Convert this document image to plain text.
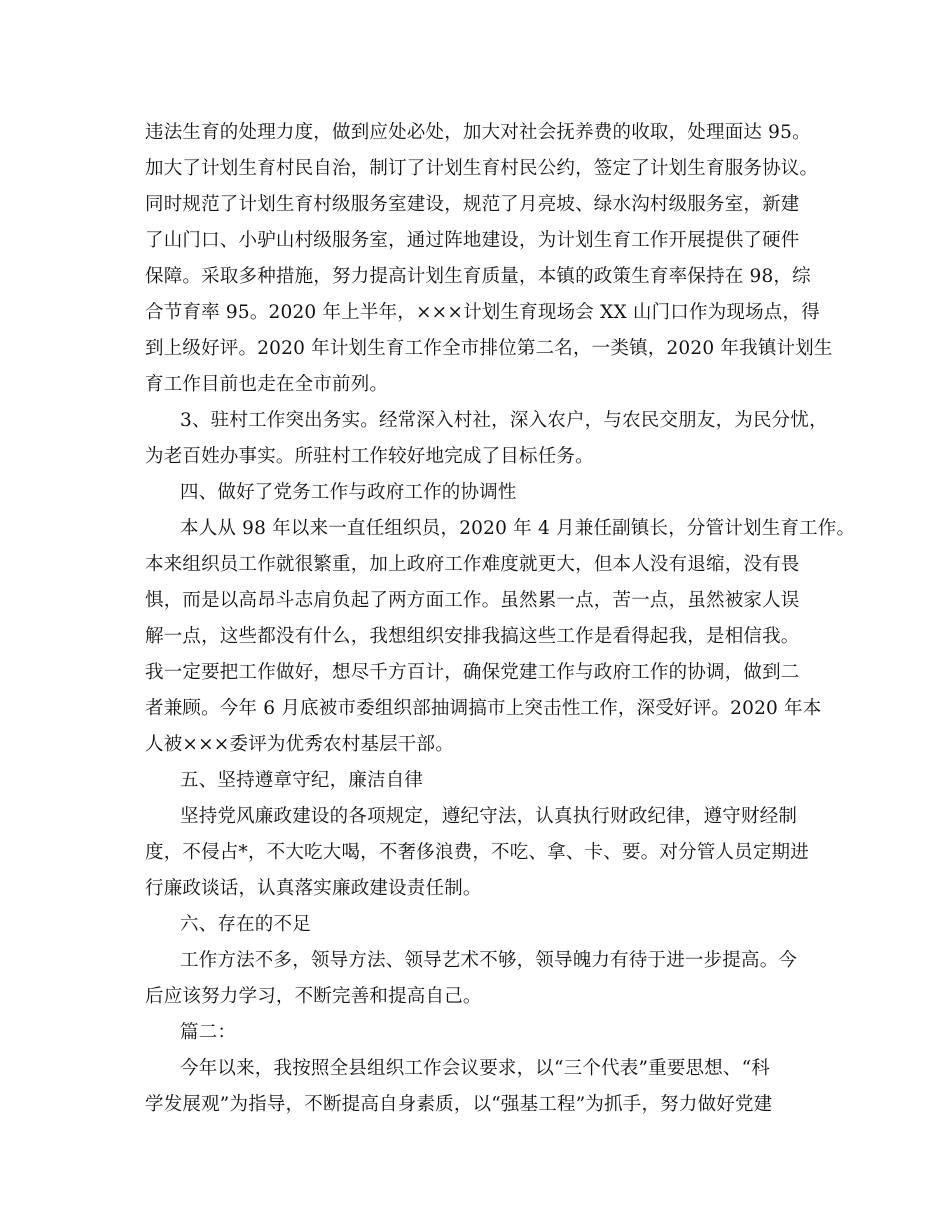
违法生育的处理力度，做到应处必处，加大对社会抚养费的收取，处理面达 95。
加大了计划生育村民自治，制订了计划生育村民公约，签定了计划生育服务协议。
同时规范了计划生育村级服务室建设，规范了月亮坡、绿水沟村级服务室，新建
了山门口、小驴山村级服务室，通过阵地建设，为计划生育工作开展提供了硬件
保障。采取多种措施，努力提高计划生育质量，本镇的政策生育率保持在 98，综
合节育率 95。2020 年上半年，×××计划生育现场会 XX 山门口作为现场点，得
到上级好评。2020 年计划生育工作全市排位第二名，一类镇，2020 年我镇计划生
育工作目前也走在全市前列。
3、驻村工作突出务实。经常深入村社，深入农户，与农民交朋友，为民分忧，
为老百姓办事实。所驻村工作较好地完成了目标任务。
四、做好了党务工作与政府工作的协调性
本人从 98 年以来一直任组织员，2020 年 4 月兼任副镇长，分管计划生育工作。
本来组织员工作就很繁重，加上政府工作难度就更大，但本人没有退缩，没有畏
惧，而是以高昂斗志肩负起了两方面工作。虽然累一点，苦一点，虽然被家人误
解一点，这些都没有什么，我想组织安排我搞这些工作是看得起我，是相信我。
我一定要把工作做好，想尽千方百计，确保党建工作与政府工作的协调，做到二
者兼顾。今年 6 月底被市委组织部抽调搞市上突击性工作，深受好评。2020 年本
人被×××委评为优秀农村基层干部。
五、坚持遵章守纪，廉洁自律
坚持党风廉政建设的各项规定，遵纪守法，认真执行财政纪律，遵守财经制
度，不侵占*，不大吃大喝，不奢侈浪费，不吃、拿、卡、要。对分管人员定期进
行廉政谈话，认真落实廉政建设责任制。
六、存在的不足
工作方法不多，领导方法、领导艺术不够，领导魄力有待于进一步提高。今
后应该努力学习，不断完善和提高自己。
篇二：
今年以来，我按照全县组织工作会议要求，以“三个代表”重要思想、“科
学发展观”为指导，不断提高自身素质，以“强基工程”为抓手，努力做好党建
